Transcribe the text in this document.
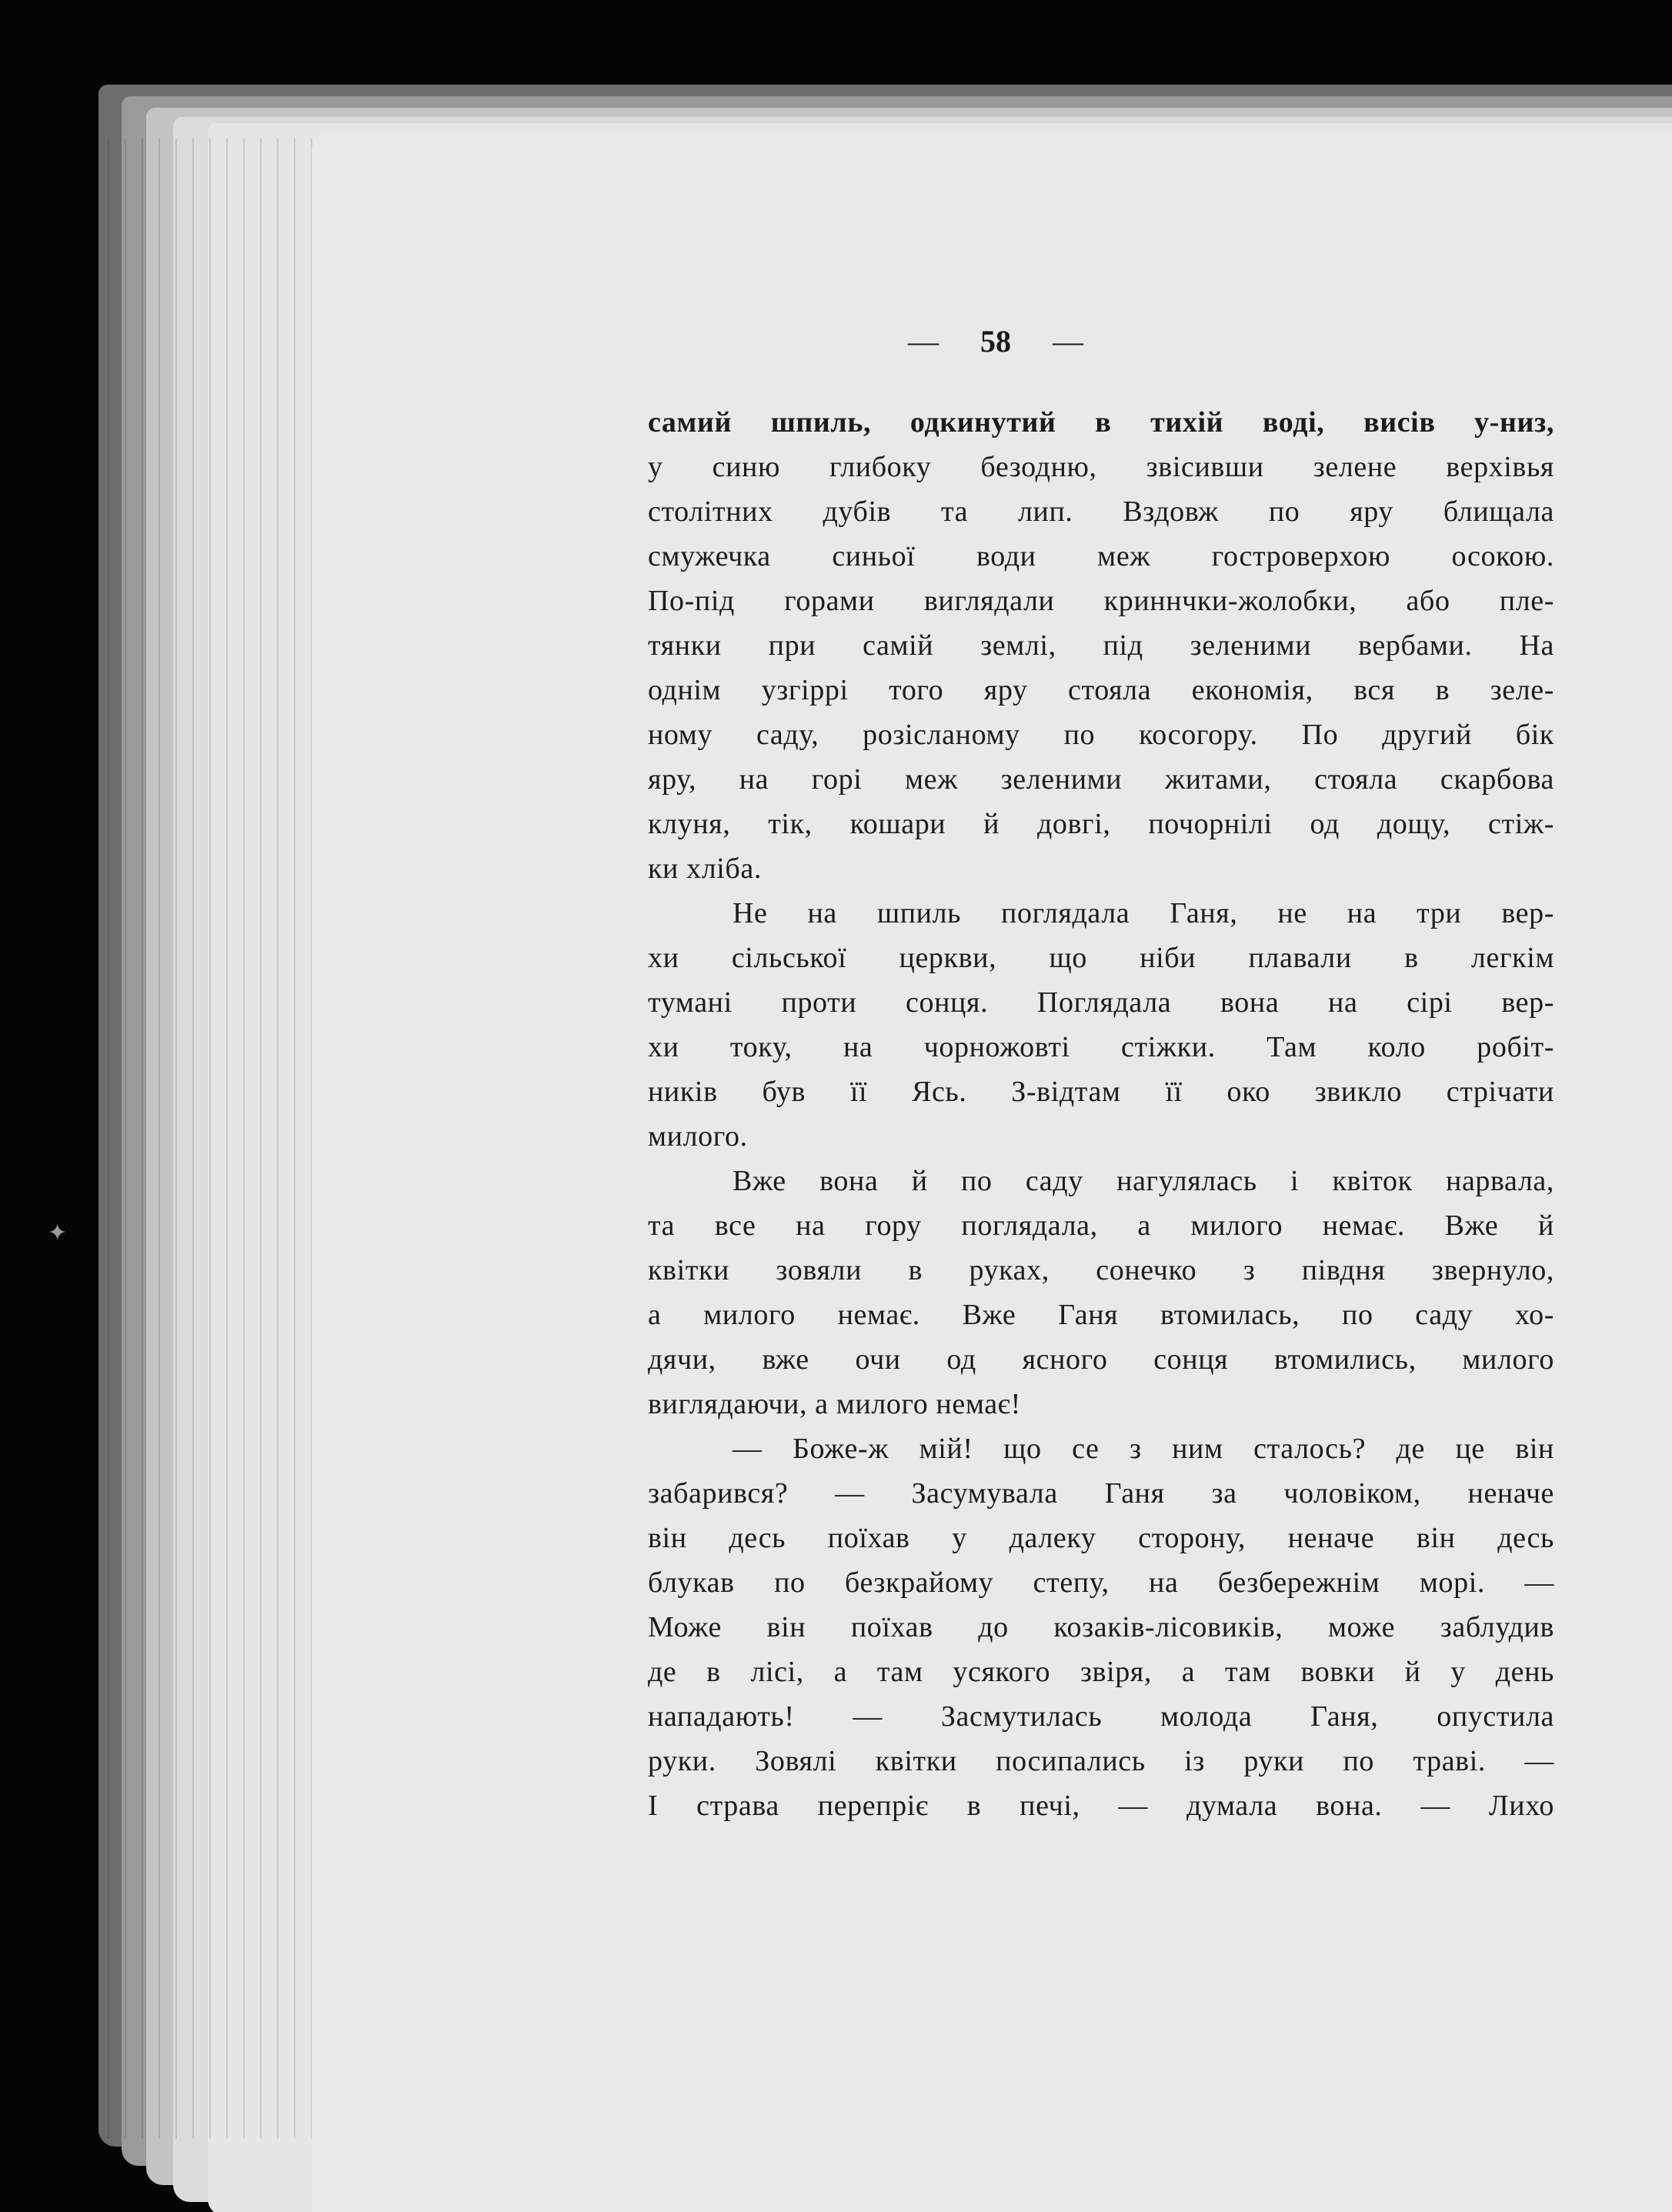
— 58 —
самий шпиль, одкинутий в тихій воді, висів у-низ,
у синю глибоку безодню, звісивши зелене верхівья
столітних дубів та лип. Вздовж по яру блищала
смужечка синьої води меж гостроверхою осокою.
По-під горами виглядали криннчки-жолобки, або пле-
тянки при самій землі, під зеленими вербами. На
однім узгіррі того яру стояла економія, вся в зеле-
ному саду, розісланому по косогору. По другий бік
яру, на горі меж зеленими житами, стояла скарбова
клуня, тік, кошари й довгі, почорнілі од дощу, стіж-
ки хліба.
Не на шпиль поглядала Ганя, не на три вер-
хи сільської церкви, що ніби плавали в легкім
тумані проти сонця. Поглядала вона на сірі вер-
хи току, на чорножовті стіжки. Там коло робіт-
ників був її Ясь. З-відтам її око звикло стрічати
милого.
Вже вона й по саду нагулялась і квіток нарвала,
та все на гору поглядала, а милого немає. Вже й
квітки зовяли в руках, сонечко з півдня звернуло,
а милого немає. Вже Ганя втомилась, по саду хо-
дячи, вже очи од ясного сонця втомились, милого
виглядаючи, а милого немає!
— Боже-ж мій! що се з ним сталось? де це він
забарився? — Засумувала Ганя за чоловіком, неначе
він десь поїхав у далеку сторону, неначе він десь
блукав по безкрайому степу, на безбережнім морі. —
Може він поїхав до козаків-лісовиків, може заблудив
де в лісі, а там усякого звіря, а там вовки й у день
нападають! — Засмутилась молода Ганя, опустила
руки. Зовялі квітки посипались із руки по траві. —
І страва перепріє в печі, — думала вона. — Лихо
✦
